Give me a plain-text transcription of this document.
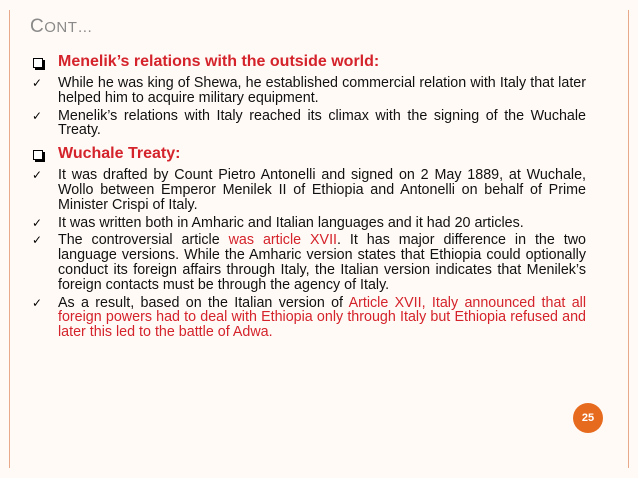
CONT…
Menelik’s relations with the outside world:
✓	While he was king of Shewa, he established commercial relation with Italy that later helped him to acquire military equipment.
✓	Menelik’s relations with Italy reached its climax with the signing of the Wuchale Treaty.
Wuchale Treaty:
✓	It was drafted by Count Pietro Antonelli and signed on 2 May 1889, at Wuchale, Wollo between Emperor Menilek II of Ethiopia and Antonelli on behalf of Prime Minister Crispi of Italy.
✓	It was written both in Amharic and Italian languages and it had 20 articles.
✓	The controversial article was article XVII. It has major difference in the two language versions. While the Amharic version states that Ethiopia could optionally conduct its foreign affairs through Italy, the Italian version indicates that Menilek’s foreign contacts must be through the agency of Italy.
✓	As a result, based on the Italian version of Article XVII, Italy announced that all foreign powers had to deal with Ethiopia only through Italy but Ethiopia refused and later this led to the battle of Adwa.
25
